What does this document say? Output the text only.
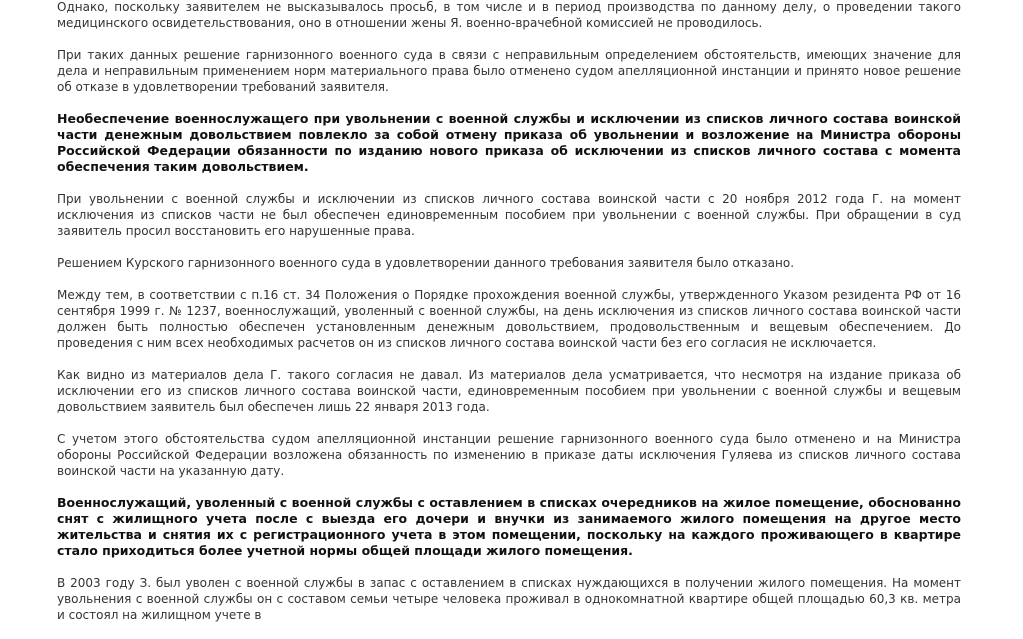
Однако, поскольку заявителем не высказывалось просьб, в том числе и в период производства по данному делу, о проведении такого медицинского освидетельствования, оно в отношении жены Я. военно-врачебной комиссией не проводилось.

При таких данных решение гарнизонного военного суда в связи с неправильным определением обстоятельств, имеющих значение для дела и неправильным применением норм материального права было отменено судом апелляционной инстанции и принято новое решение об отказе в удовлетворении требований заявителя.

Необеспечение военнослужащего при увольнении с военной службы и исключении из списков личного состава воинской части денежным довольствием повлекло за собой отмену приказа об увольнении и возложение на Министра обороны Российской Федерации обязанности по изданию нового приказа об исключении из списков личного состава с момента обеспечения таким довольствием.

При увольнении с военной службы и исключении из списков личного состава воинской части с 20 ноября 2012 года Г. на момент исключения из списков части не был обеспечен единовременным пособием при увольнении с военной службы. При обращении в суд заявитель просил восстановить его нарушенные права.

Решением Курского гарнизонного военного суда в удовлетворении данного требования заявителя было отказано.

Между тем, в соответствии с п.16 ст. 34 Положения о Порядке прохождения военной службы, утвержденного Указом резидента РФ от 16 сентября 1999 г. № 1237, военнослужащий, уволенный с военной службы, на день исключения из списков личного состава воинской части должен быть полностью обеспечен установленным денежным довольствием, продовольственным и вещевым обеспечением. До проведения с ним всех необходимых расчетов он из списков личного состава воинской части без его согласия не исключается.

Как видно из материалов дела Г. такого согласия не давал. Из материалов дела усматривается, что несмотря на издание приказа об исключении его из списков личного состава воинской части, единовременным пособием при увольнении с военной службы и вещевым довольствием заявитель был обеспечен лишь 22 января 2013 года.

С учетом этого обстоятельства судом апелляционной инстанции решение гарнизонного военного суда было отменено и на Министра обороны Российской Федерации возложена обязанность по изменению в приказе даты исключения Гуляева из списков личного состава воинской части на указанную дату.

Военнослужащий, уволенный с военной службы с оставлением в списках очередников на жилое помещение, обоснованно снят с жилищного учета после с выезда его дочери и внучки из занимаемого жилого помещения на другое место жительства и снятия их с регистрационного учета в этом помещении, поскольку на каждого проживающего в квартире стало приходиться более учетной нормы общей площади жилого помещения.

В 2003 году З. был уволен с военной службы в запас с оставлением в списках нуждающихся в получении жилого помещения. На момент увольнения с военной службы он с составом семьи четыре человека проживал в однокомнатной квартире общей площадью 60,3 кв. метра и состоял на жилищном учете в
